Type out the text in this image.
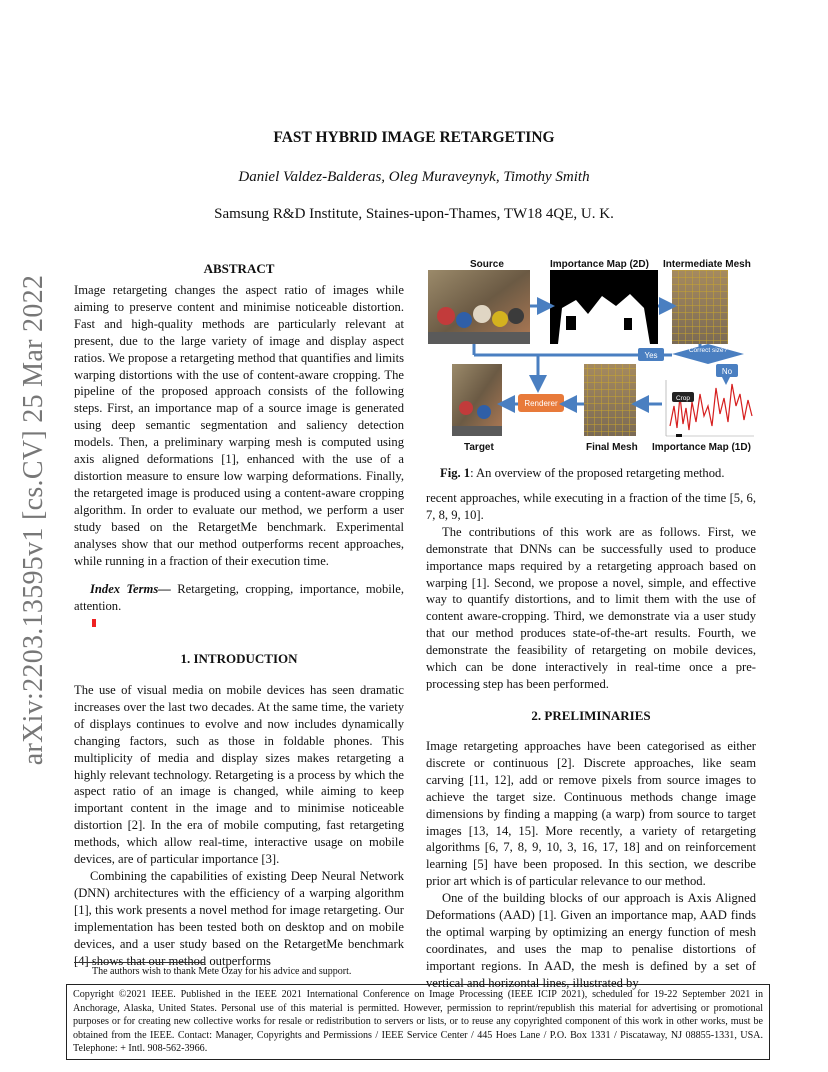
arXiv:2203.13595v1 [cs.CV] 25 Mar 2022
FAST HYBRID IMAGE RETARGETING
Daniel Valdez-Balderas, Oleg Muraveynyk, Timothy Smith
Samsung R&D Institute, Staines-upon-Thames, TW18 4QE, U. K.
ABSTRACT

Image retargeting changes the aspect ratio of images while aiming to preserve content and minimise noticeable distortion. Fast and high-quality methods are particularly relevant at present, due to the large variety of image and display aspect ratios. We propose a retargeting method that quantifies and limits warping distortions with the use of content-aware cropping. The pipeline of the proposed approach consists of the following steps. First, an importance map of a source image is generated using deep semantic segmentation and saliency detection models. Then, a preliminary warping mesh is computed using axis aligned deformations [1], enhanced with the use of a distortion measure to ensure low warping deformations. Finally, the retargeted image is produced using a content-aware cropping algorithm. In order to evaluate our method, we perform a user study based on the RetargetMe benchmark. Experimental analyses show that our method outperforms recent approaches, while running in a fraction of their execution time.

Index Terms— Retargeting, cropping, importance, mobile, attention.

1. INTRODUCTION

The use of visual media on mobile devices has seen dramatic increases over the last two decades. At the same time, the variety of displays continues to evolve and now includes dynamically changing factors, such as those in foldable phones. This multiplicity of media and display sizes makes retargeting a highly relevant technology. Retargeting is a process by which the aspect ratio of an image is changed, while aiming to keep important content in the image and to minimise noticeable distortion [2]. In the era of mobile computing, fast retargeting methods, which allow real-time, interactive usage on mobile devices, are of particular importance [3].

Combining the capabilities of existing Deep Neural Network (DNN) architectures with the efficiency of a warping algorithm [1], this work presents a novel method for image retargeting. Our implementation has been tested both on desktop and on mobile devices, and a user study based on the RetargetMe benchmark [4] shows that our method outperforms

The authors wish to thank Mete Ozay for his advice and support.
Source	Importance Map (2D) Intermediate Mesh
Correct size?
Yes
No
Renderer
Crop
Target	Final Mesh Importance Map (1D)
Fig. 1: An overview of the proposed retargeting method.

recent approaches, while executing in a fraction of the time [5, 6, 7, 8, 9, 10].

The contributions of this work are as follows. First, we demonstrate that DNNs can be successfully used to produce importance maps required by a retargeting approach based on warping [1]. Second, we propose a novel, simple, and effective way to quantify distortions, and to limit them with the use of content aware-cropping. Third, we demonstrate via a user study that our method produces state-of-the-art results. Fourth, we demonstrate the feasibility of retargeting on mobile devices, which can be done interactively in real-time once a pre-processing step has been performed.

2. PRELIMINARIES

Image retargeting approaches have been categorised as either discrete or continuous [2]. Discrete approaches, like seam carving [11, 12], add or remove pixels from source images to achieve the target size. Continuous methods change image dimensions by finding a mapping (a warp) from source to target images [13, 14, 15]. More recently, a variety of retargeting algorithms [6, 7, 8, 9, 10, 3, 16, 17, 18] and on reinforcement learning [5] have been proposed. In this section, we describe prior art which is of particular relevance to our method.

One of the building blocks of our approach is Axis Aligned Deformations (AAD) [1]. Given an importance map, AAD finds the optimal warping by optimizing an energy function of mesh coordinates, and uses the map to penalise distortions of important regions. In AAD, the mesh is defined by a set of vertical and horizontal lines, illustrated by

Copyright ©2021 IEEE. Published in the IEEE 2021 International Conference on Image Processing (IEEE ICIP 2021), scheduled for 19-22 September 2021 in Anchorage, Alaska, United States. Personal use of this material is permitted. However, permission to reprint/republish this material for advertising or promotional purposes or for creating new collective works for resale or redistribution to servers or lists, or to reuse any copyrighted component of this work in other works, must be obtained from the IEEE. Contact: Manager, Copyrights and Permissions / IEEE Service Center / 445 Hoes Lane / P.O. Box 1331 / Piscataway, NJ 08855-1331, USA. Telephone: + Intl. 908-562-3966.
